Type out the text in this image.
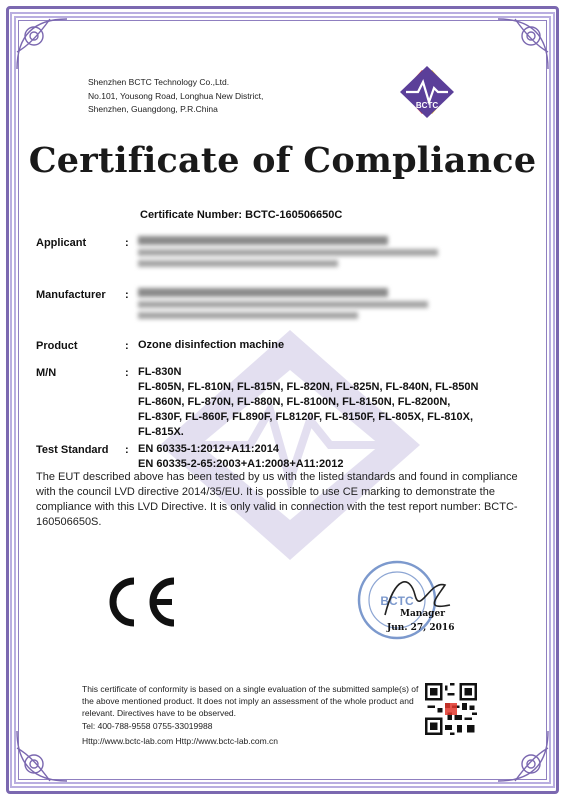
Shenzhen BCTC Technology Co.,Ltd.
No.101, Yousong Road, Longhua New District,
Shenzhen, Guangdong, P.R.China	BCTC
Certificate of Compliance
Certificate Number: BCTC-160506650C
Applicant	:
Manufacturer :
Product	: Ozone disinfection machine
M/N	: FL-830N
FL-805N, FL-810N, FL-815N, FL-820N, FL-825N, FL-840N, FL-850N
FL-860N, FL-870N, FL-880N, FL-8100N, FL-8150N, FL-8200N,
FL-830F, FL-860F, FL890F, FL8120F, FL-8150F, FL-805X, FL-810X,
FL-815X.
Test Standard : EN 60335-1:2012+A11:2014
EN 60335-2-65:2003+A1:2008+A11:2012
The EUT described above has been tested by us with the listed standards and found in compliance with the council LVD directive 2014/35/EU. It is possible to use CE marking to demonstrate the compliance with this LVD Directive. It is only valid in connection with the test report number: BCTC-160506650S.
BCTC
Manager
Jun. 27, 2016
This certificate of conformity is based on a single evaluation of the submitted sample(s) of the above mentioned product. It does not imply an assessment of the whole product and relevant. Directives have to be observed.
Tel: 400-788-9558 0755-33019988
Http://www.bctc-lab.com Http://www.bctc-lab.com.cn
